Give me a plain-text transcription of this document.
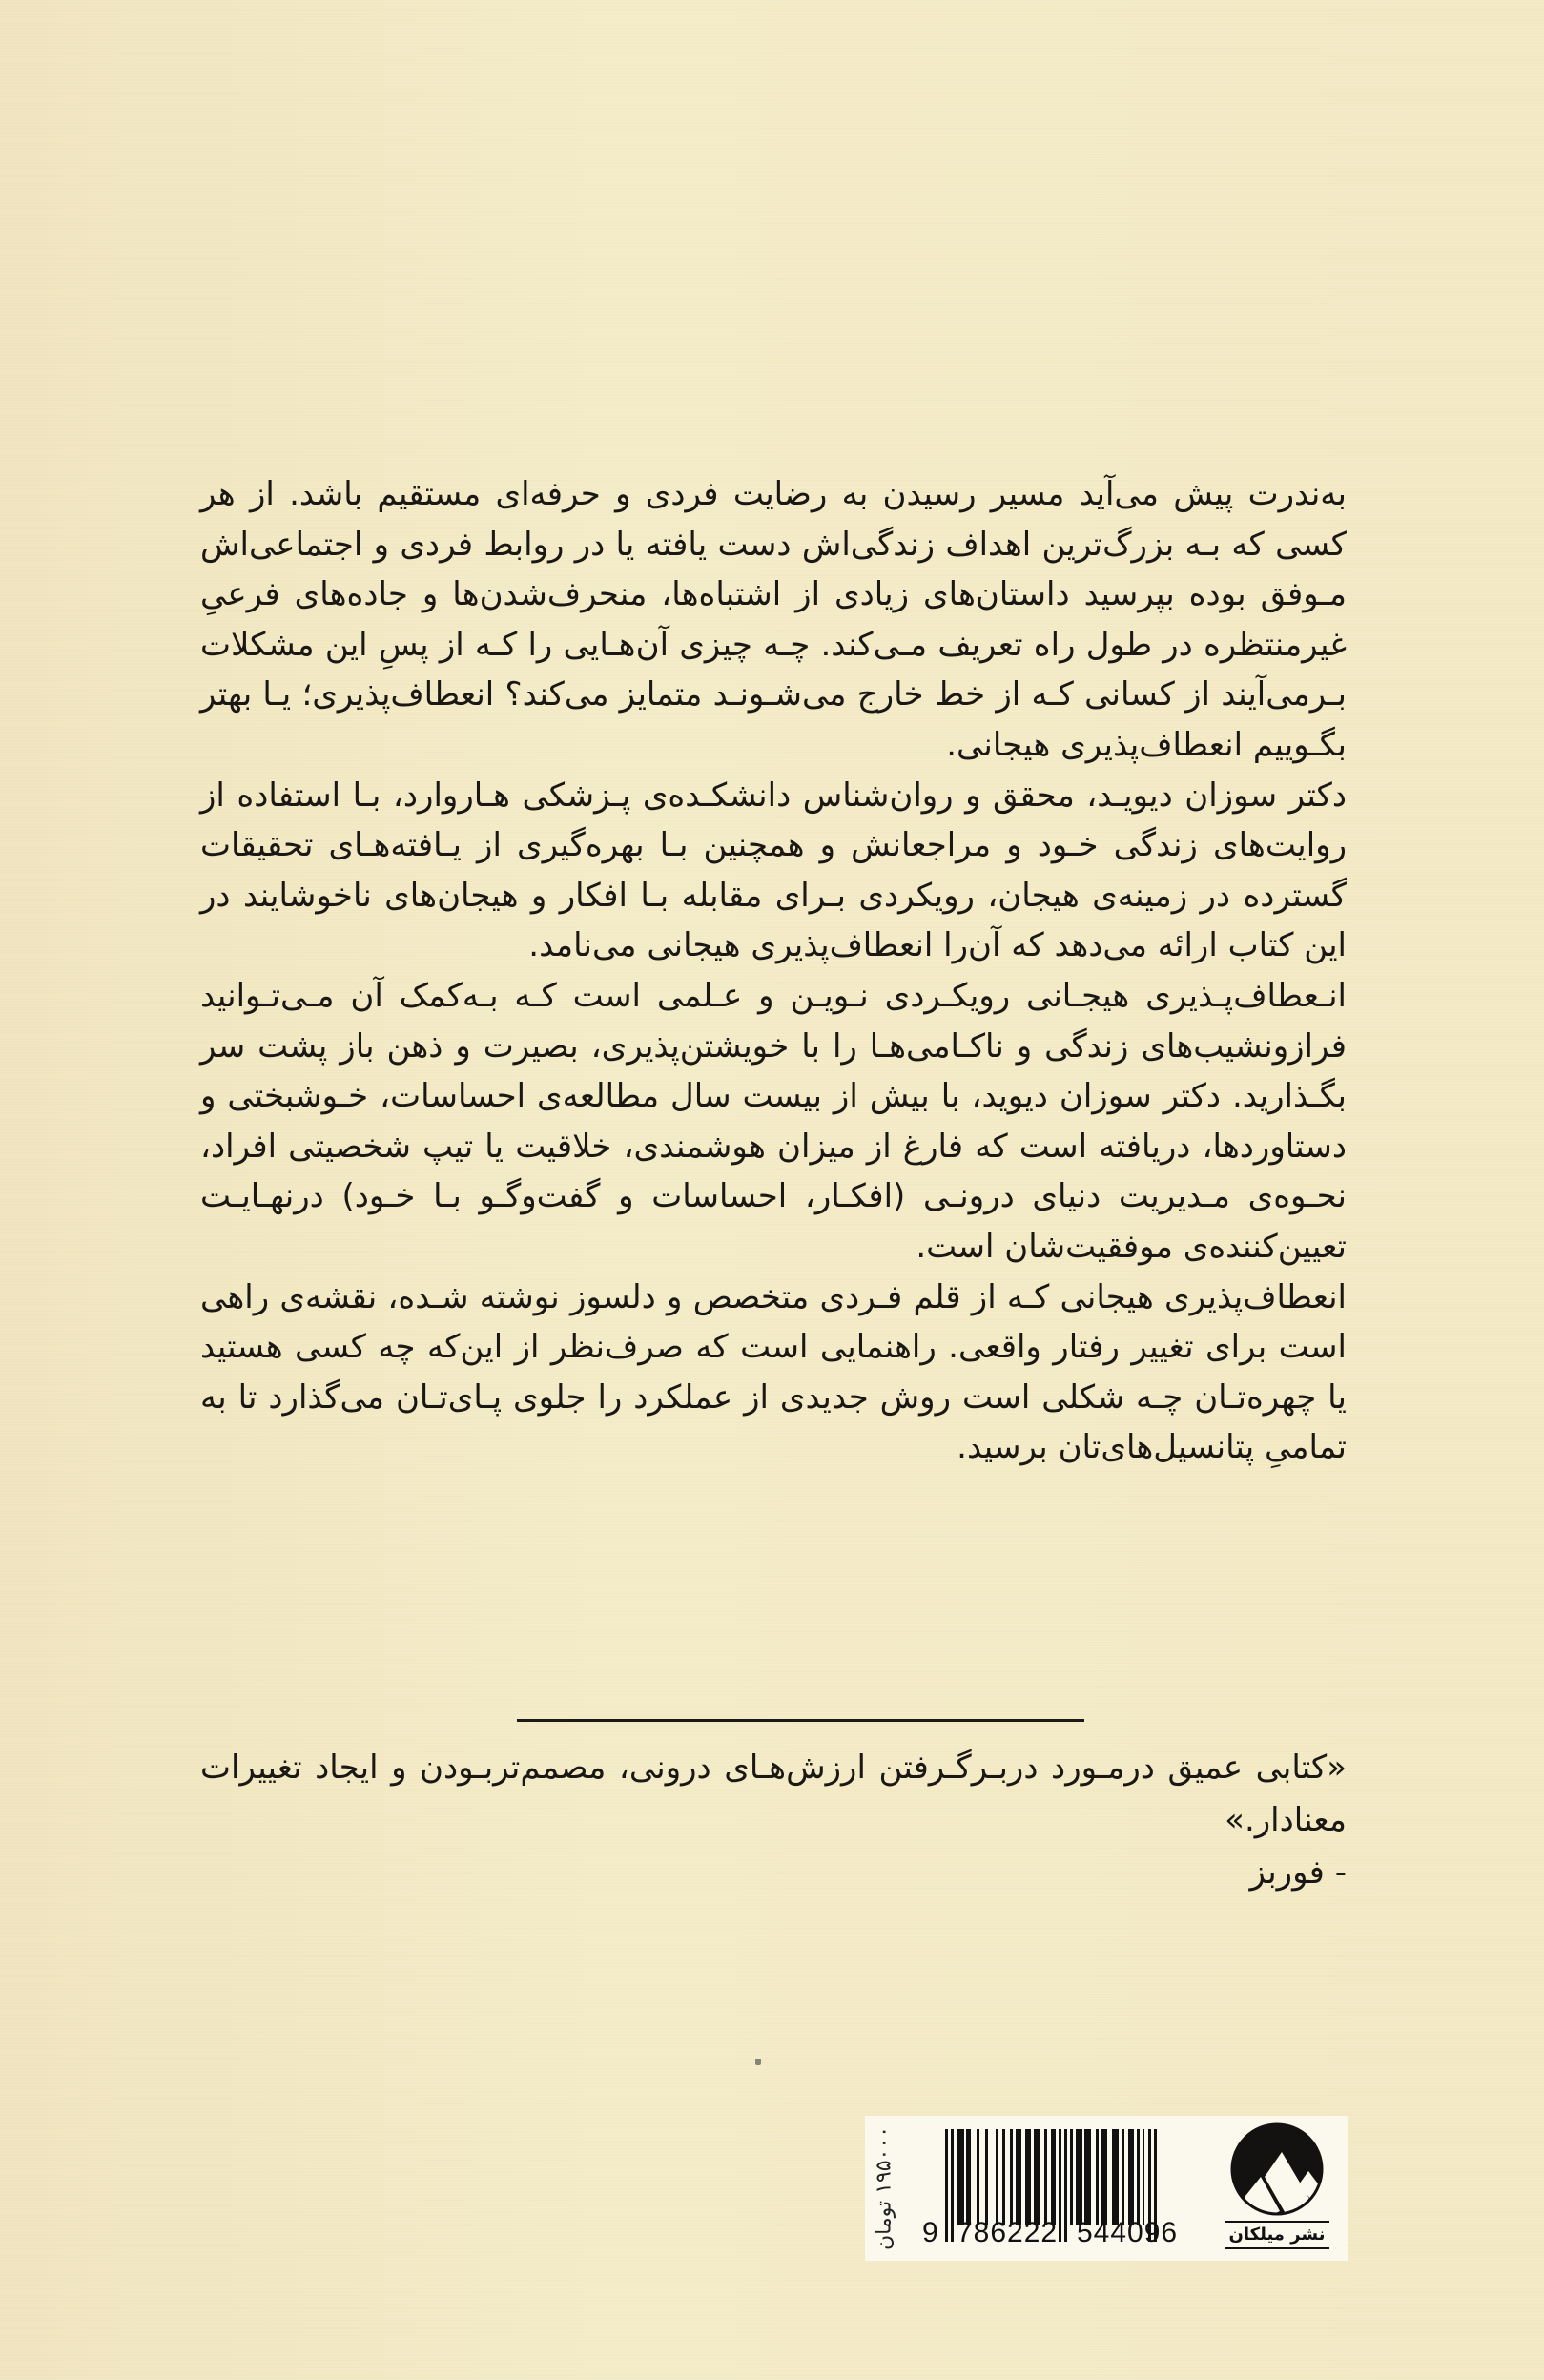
به‌ندرت پیش می‌آید مسیر رسیدن به رضایت فردی و حرفه‌ای مستقیم باشد. از هر کسی که بـه بزرگ‌ترین اهداف زندگی‌اش دست یافته یا در روابط فردی و اجتماعی‌اش مـوفق بوده بپرسید داستان‌های زیادی از اشتباه‌ها، منحرف‌شدن‌ها و جاده‌های فرعیِ غیرمنتظره در طول راه تعریف مـی‌کند. چـه چیزی آن‌هـایی را کـه از پسِ این مشکلات بـرمی‌آیند از کسانی کـه از خط خارج می‌شـونـد متمایز می‌کند؟ انعطاف‌پذیری؛ یـا بهتر بگـوییم انعطاف‌پذیری هیجانی.

دکتر سوزان دیویـد، محقق و روان‌شناس دانشکـده‌ی پـزشکی هـاروارد، بـا استفاده از روایت‌های زندگی خـود و مراجعانش و همچنین بـا بهره‌گیری از یـافته‌هـای تحقیقات گسترده در زمینه‌ی هیجان، رویکردی بـرای مقابله بـا افکار و هیجان‌های ناخوشایند در این کتاب ارائه می‌دهد که آن‌را انعطاف‌پذیری هیجانی می‌نامد.

انـعطاف‌پـذیری هیجـانی رویکـردی نـویـن و عـلمی است کـه بـه‌کمک آن مـی‌تـوانید فرازونشیب‌های زندگی و ناکـامی‌هـا را با خویشتن‌پذیری، بصیرت و ذهن باز پشت سر بگـذارید. دکتر سوزان دیوید، با بیش از بیست سال مطالعه‌ی احساسات، خـوشبختی و دستاوردها، دریافته است که فارغ از میزان هوشمندی، خلاقیت یا تیپ شخصیتی افراد، نحـوه‌ی مـدیریت دنیای درونـی (افکـار، احساسات و گفت‌وگـو بـا خـود) درنهـایـت تعیین‌کننده‌ی موفقیت‌شان است.

انعطاف‌پذیری هیجانی کـه از قلم فـردی متخصص و دلسوز نوشته شـده، نقشه‌ی راهی است برای تغییر رفتار واقعی. راهنمایی است که صرف‌نظر از این‌که چه کسی هستید یا چهره‌تـان چـه شکلی است روش جدیدی از عملکرد را جلوی پـای‌تـان می‌گذارد تا به تمامیِ پتانسیل‌های‌تان برسید.

«کتابی عمیق درمـورد دربـرگـرفتن ارزش‌هـای درونی، مصمم‌تربـودن و ایجاد تغییرات معنادار.»

- فوربز

۱۹۵۰۰۰ تومان
9 786222 544096	نشر میلکان
